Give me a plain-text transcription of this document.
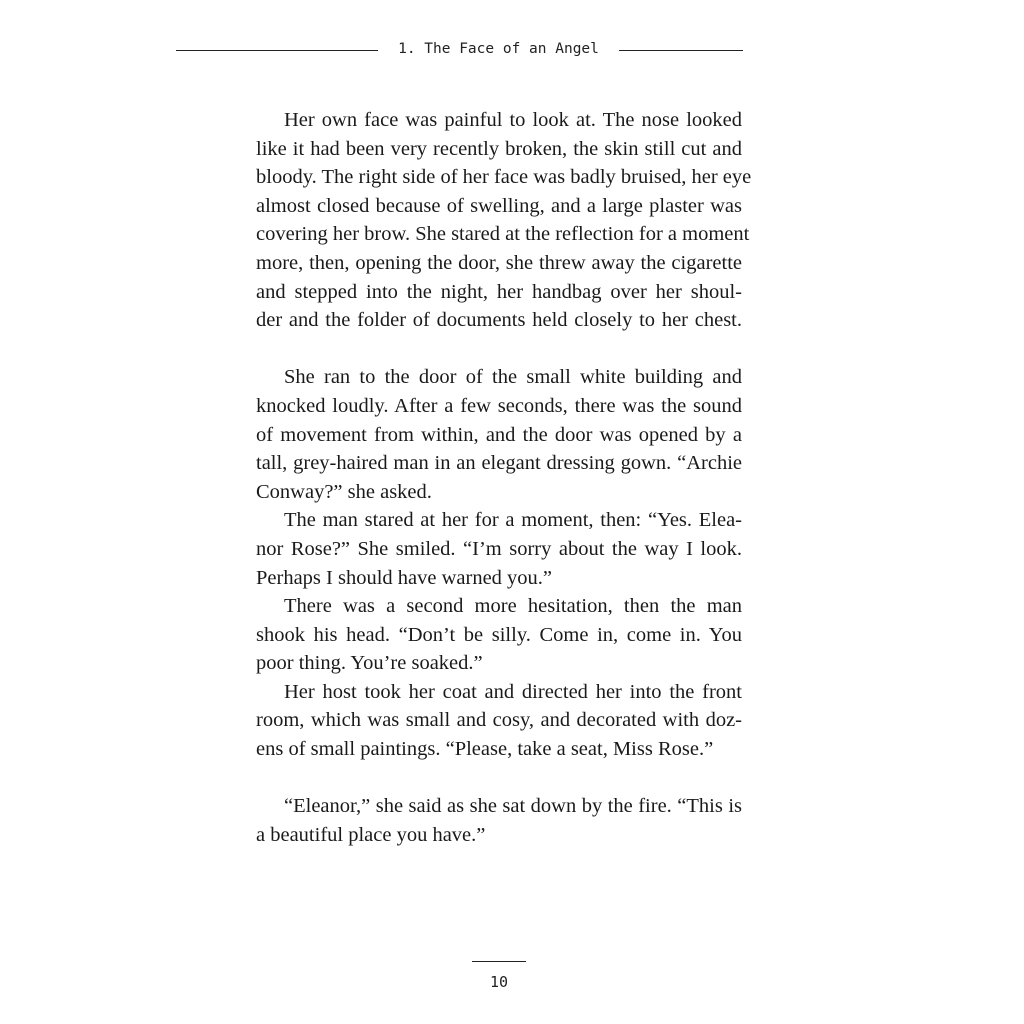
1. The Face of an Angel
Her own face was painful to look at. The nose looked
like it had been very recently broken, the skin still cut and
bloody. The right side of her face was badly bruised, her eye
almost closed because of swelling, and a large plaster was
covering her brow. She stared at the reflection for a moment
more, then, opening the door, she threw away the cigarette
and stepped into the night, her handbag over her shoul-
der and the folder of documents held closely to her chest.
She ran to the door of the small white building and
knocked loudly. After a few seconds, there was the sound
of movement from within, and the door was opened by a
tall, grey-haired man in an elegant dressing gown. “Archie
Conway?” she asked.
The man stared at her for a moment, then: “Yes. Elea-
nor Rose?” She smiled. “I’m sorry about the way I look.
Perhaps I should have warned you.”
There was a second more hesitation, then the man
shook his head. “Don’t be silly. Come in, come in. You
poor thing. You’re soaked.”
Her host took her coat and directed her into the front
room, which was small and cosy, and decorated with doz-
ens of small paintings. “Please, take a seat, Miss Rose.”
“Eleanor,” she said as she sat down by the fire. “This is
a beautiful place you have.”
10
